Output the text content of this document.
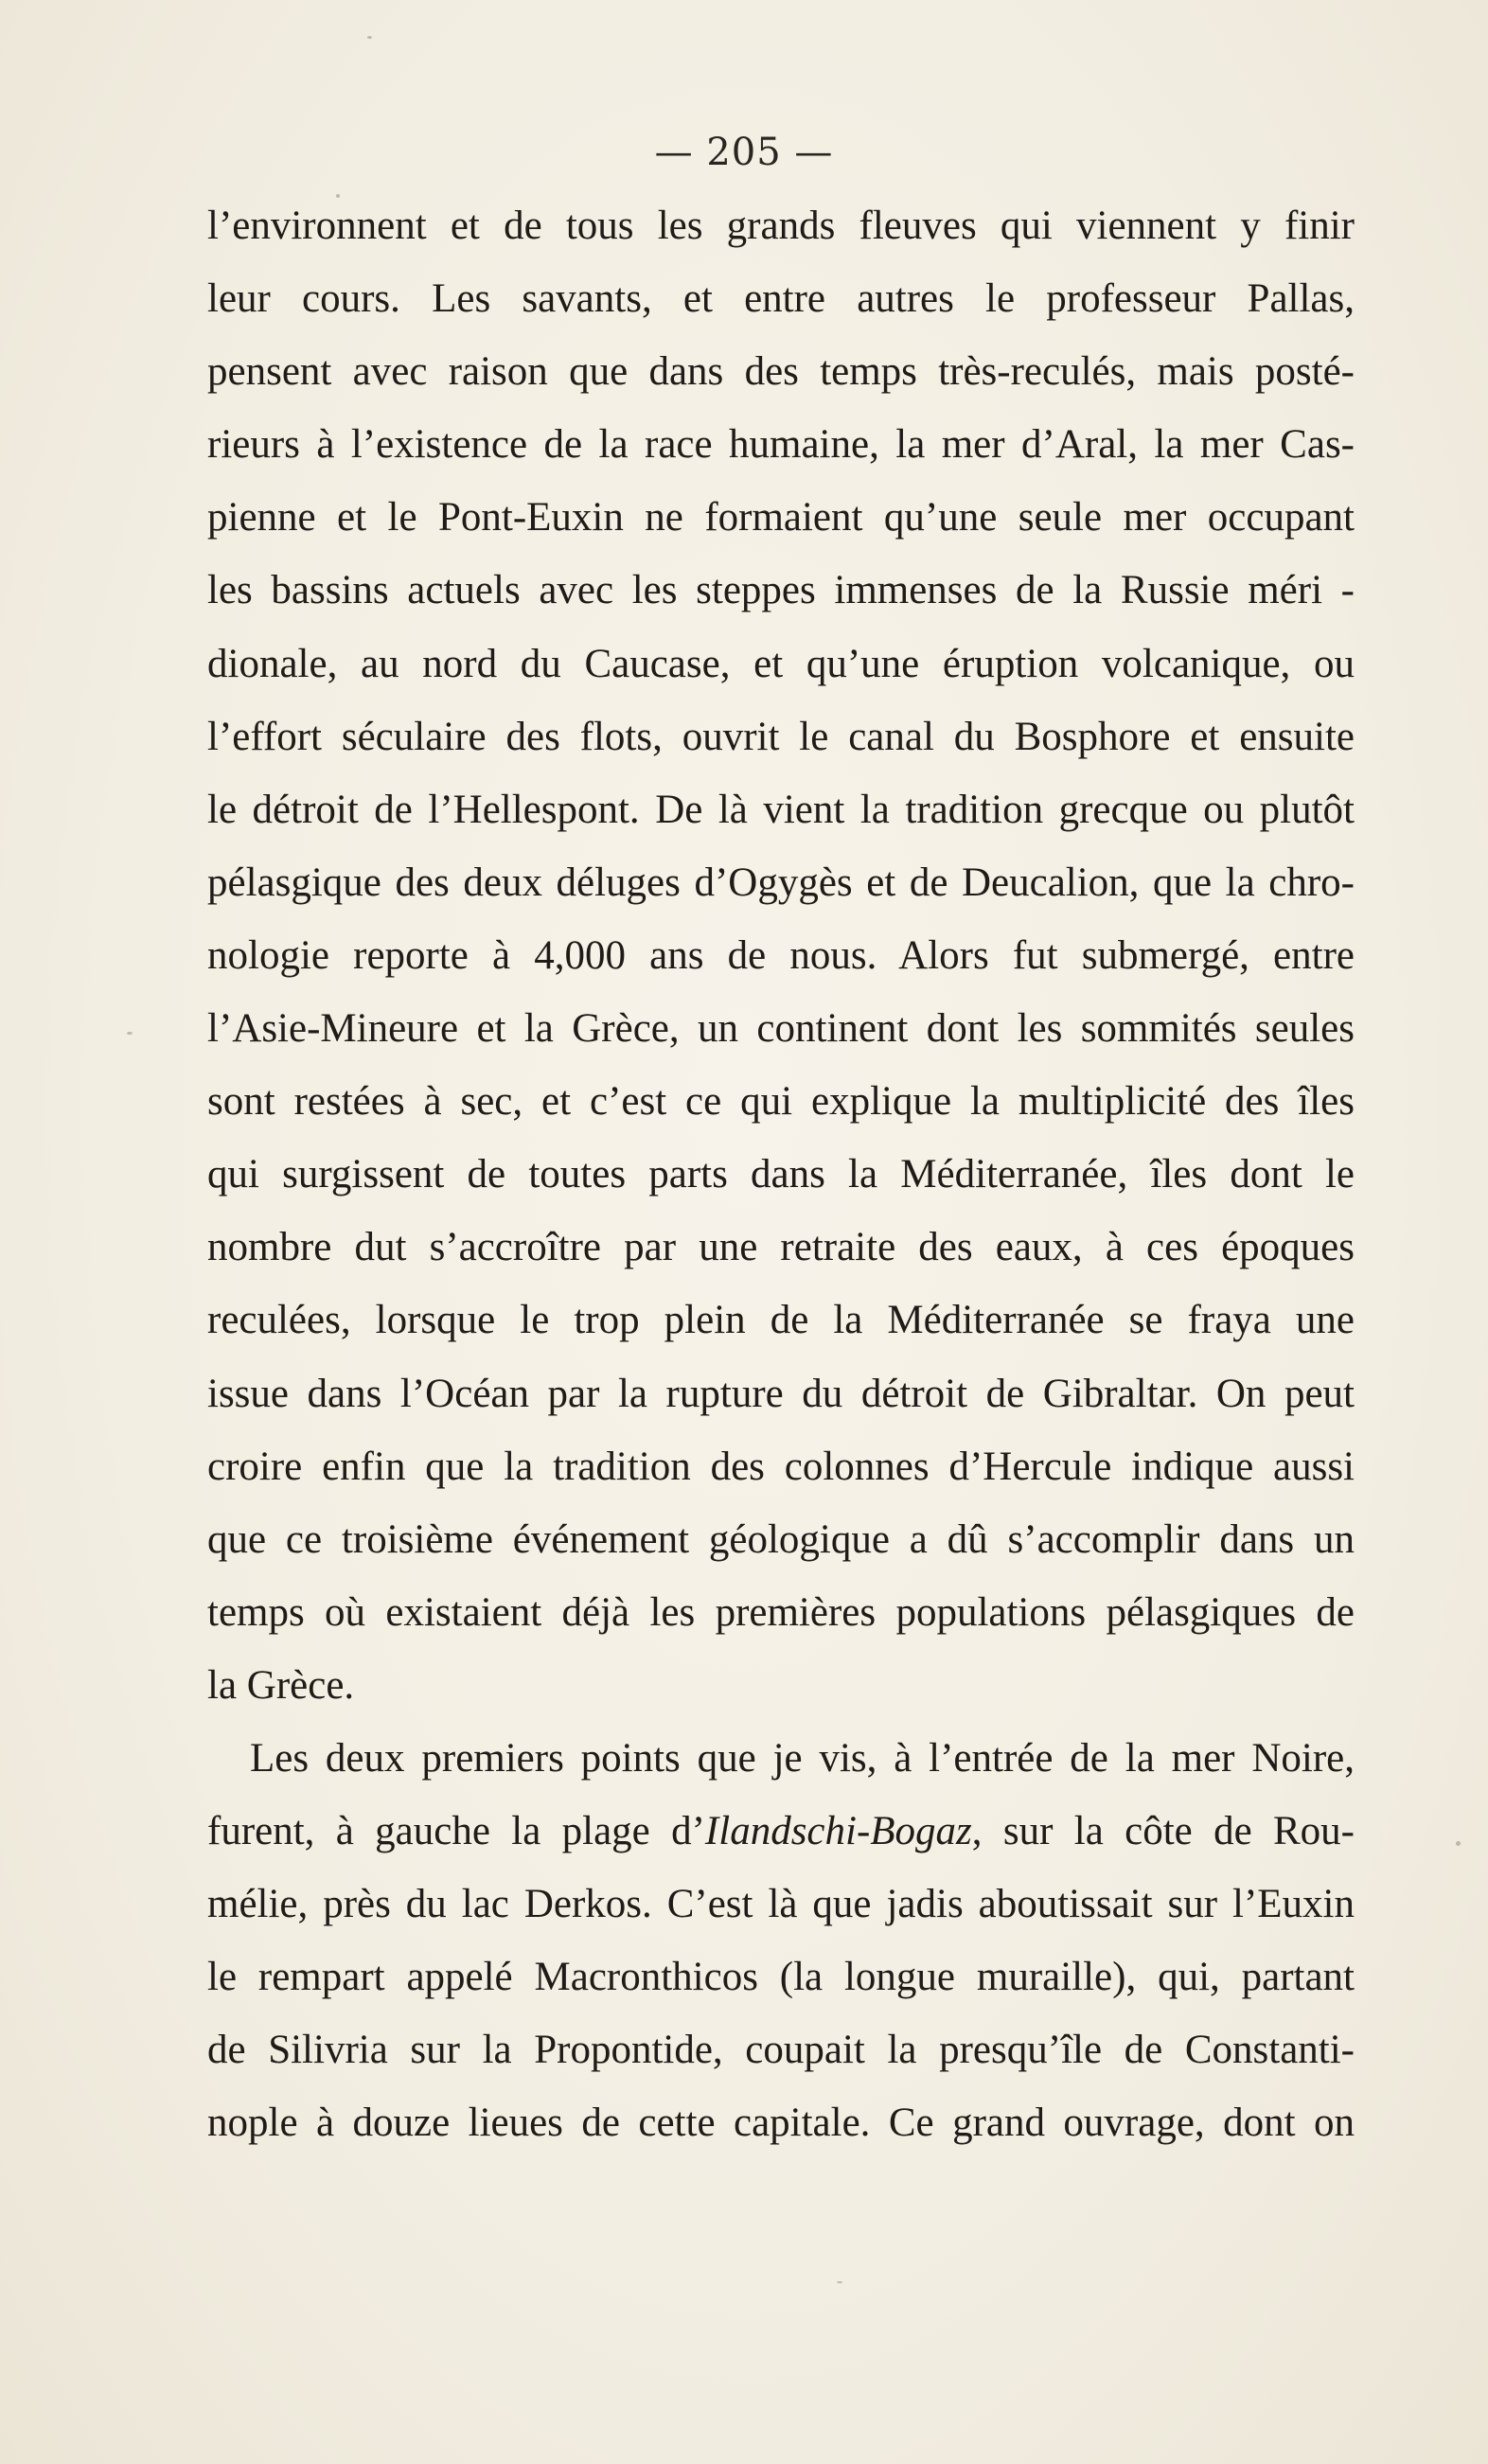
— 205 —
l’environnent et de tous les grands fleuves qui viennent y finir
leur cours. Les savants, et entre autres le professeur Pallas,
pensent avec raison que dans des temps très-reculés, mais posté-
rieurs à l’existence de la race humaine, la mer d’Aral, la mer Cas-
pienne et le Pont-Euxin ne formaient qu’une seule mer occupant
les bassins actuels avec les steppes immenses de la Russie méri -
dionale, au nord du Caucase, et qu’une éruption volcanique, ou
l’effort séculaire des flots, ouvrit le canal du Bosphore et ensuite
le détroit de l’Hellespont. De là vient la tradition grecque ou plutôt
pélasgique des deux déluges d’Ogygès et de Deucalion, que la chro-
nologie reporte à 4,000 ans de nous. Alors fut submergé, entre
l’Asie-Mineure et la Grèce, un continent dont les sommités seules
sont restées à sec, et c’est ce qui explique la multiplicité des îles
qui surgissent de toutes parts dans la Méditerranée, îles dont le
nombre dut s’accroître par une retraite des eaux, à ces époques
reculées, lorsque le trop plein de la Méditerranée se fraya une
issue dans l’Océan par la rupture du détroit de Gibraltar. On peut
croire enfin que la tradition des colonnes d’Hercule indique aussi
que ce troisième événement géologique a dû s’accomplir dans un
temps où existaient déjà les premières populations pélasgiques de
la Grèce.
Les deux premiers points que je vis, à l’entrée de la mer Noire,
furent, à gauche la plage d’Ilandschi-Bogaz, sur la côte de Rou-
mélie, près du lac Derkos. C’est là que jadis aboutissait sur l’Euxin
le rempart appelé Macronthicos (la longue muraille), qui, partant
de Silivria sur la Propontide, coupait la presqu’île de Constanti-
nople à douze lieues de cette capitale. Ce grand ouvrage, dont on
